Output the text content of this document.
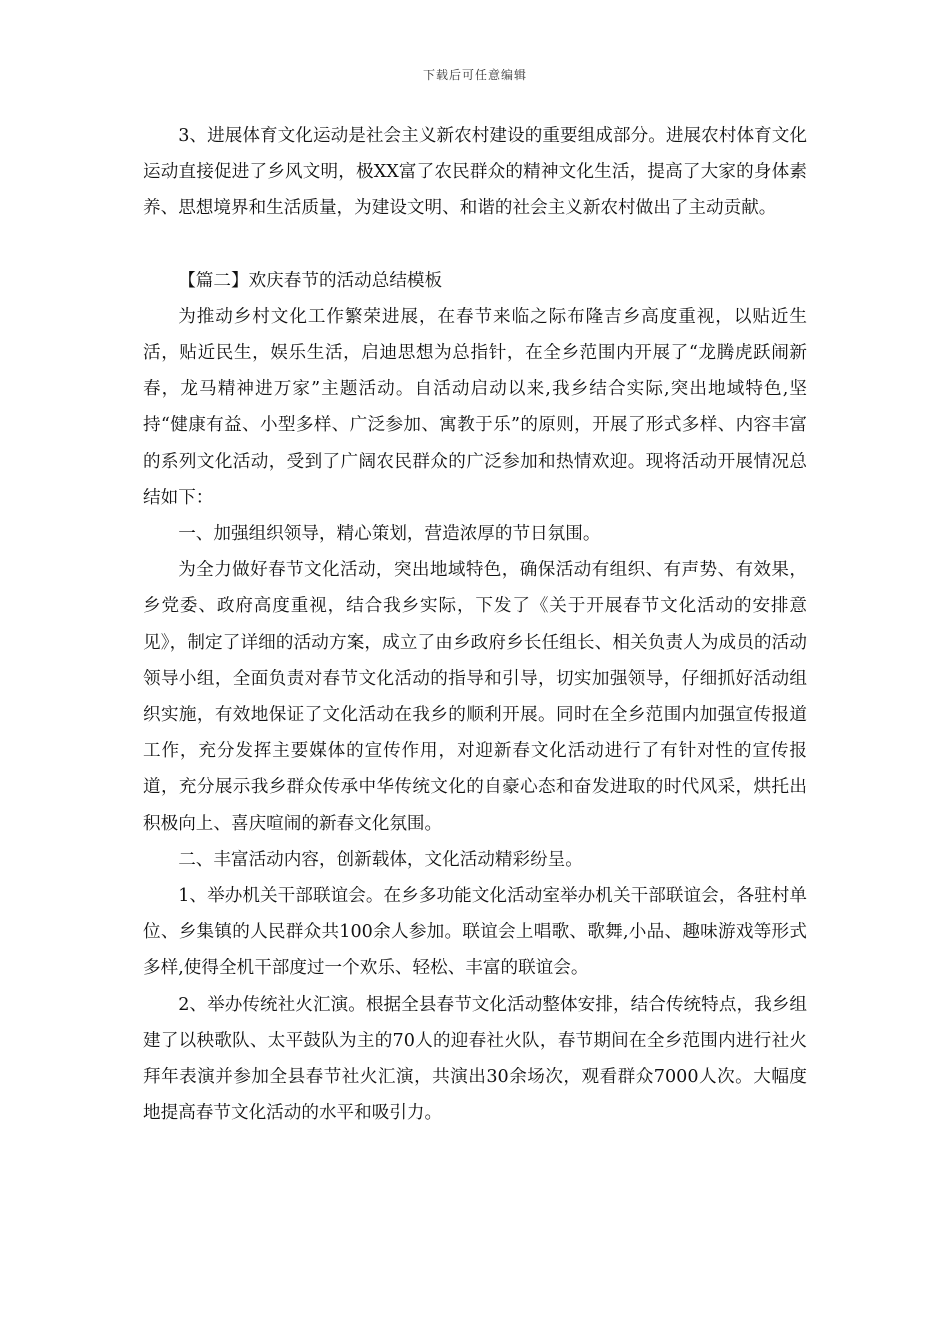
下载后可任意编辑

3、进展体育文化运动是社会主义新农村建设的重要组成部分。进展农村体育文化运动直接促进了乡风文明，极XX富了农民群众的精神文化生活，提高了大家的身体素养、思想境界和生活质量，为建设文明、和谐的社会主义新农村做出了主动贡献。

【篇二】欢庆春节的活动总结模板

为推动乡村文化工作繁荣进展，在春节来临之际布隆吉乡高度重视，以贴近生活，贴近民生，娱乐生活，启迪思想为总指针，在全乡范围内开展了“龙腾虎跃闹新春，龙马精神进万家”主题活动。自活动启动以来,我乡结合实际,突出地域特色,坚持“健康有益、小型多样、广泛参加、寓教于乐”的原则，开展了形式多样、内容丰富的系列文化活动，受到了广阔农民群众的广泛参加和热情欢迎。现将活动开展情况总结如下：

一、加强组织领导，精心策划，营造浓厚的节日氛围。

为全力做好春节文化活动，突出地域特色，确保活动有组织、有声势、有效果，乡党委、政府高度重视，结合我乡实际，下发了《关于开展春节文化活动的安排意见》，制定了详细的活动方案，成立了由乡政府乡长任组长、相关负责人为成员的活动领导小组，全面负责对春节文化活动的指导和引导，切实加强领导，仔细抓好活动组织实施，有效地保证了文化活动在我乡的顺利开展。同时在全乡范围内加强宣传报道工作，充分发挥主要媒体的宣传作用，对迎新春文化活动进行了有针对性的宣传报道，充分展示我乡群众传承中华传统文化的自豪心态和奋发进取的时代风采，烘托出积极向上、喜庆喧闹的新春文化氛围。

二、丰富活动内容，创新载体，文化活动精彩纷呈。

1、举办机关干部联谊会。在乡多功能文化活动室举办机关干部联谊会，各驻村单位、乡集镇的人民群众共100余人参加。联谊会上唱歌、歌舞,小品、趣味游戏等形式多样,使得全机干部度过一个欢乐、轻松、丰富的联谊会。

2、举办传统社火汇演。根据全县春节文化活动整体安排，结合传统特点，我乡组建了以秧歌队、太平鼓队为主的70人的迎春社火队，春节期间在全乡范围内进行社火拜年表演并参加全县春节社火汇演，共演出30余场次，观看群众7000人次。大幅度地提高春节文化活动的水平和吸引力。
